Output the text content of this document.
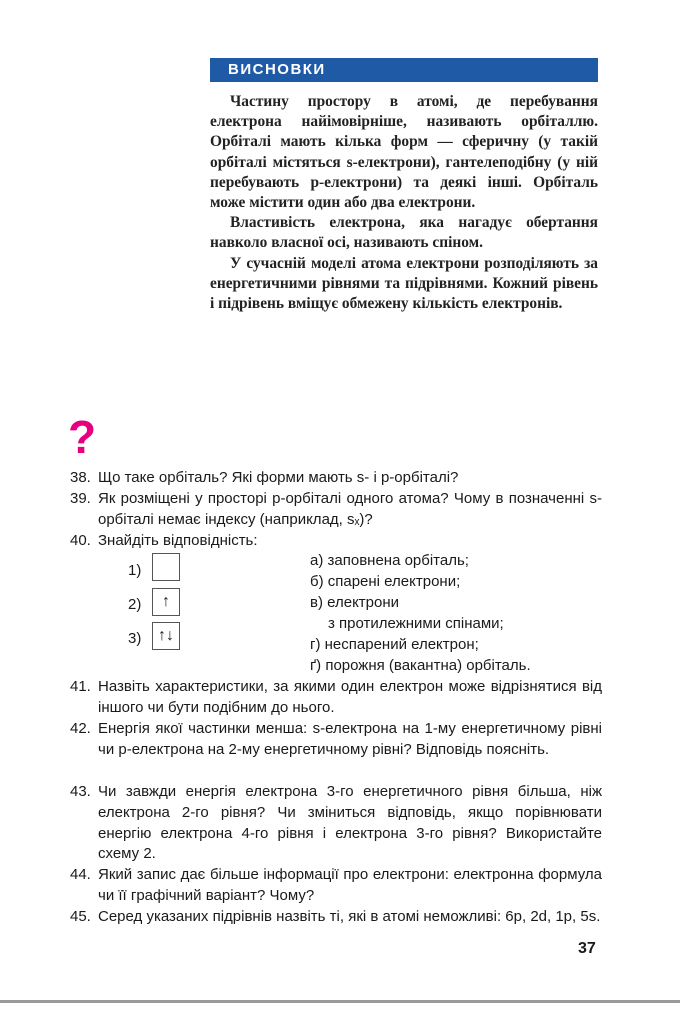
ВИСНОВКИ

Частину простору в атомі, де перебування електрона найімовірніше, називають орбіталлю. Орбіталі мають кілька форм — сферичну (у такій орбіталі містяться s-електрони), гантелеподібну (у ній перебувають p-електрони) та деякі інші. Орбіталь може містити один або два електрони.

Властивість електрона, яка нагадує обертання навколо власної осі, називають спіном.

У сучасній моделі атома електрони розподіляють за енергетичними рівнями та підрівнями. Кожний рівень і підрівень вміщує обмежену кількість електронів.

?
38. Що таке орбіталь? Які форми мають s- і p-орбіталі?
39. Як розміщені у просторі p-орбіталі одного атома? Чому в позначенні s-орбіталі немає індексу (наприклад, sₓ)?
40. Знайдіть відповідність:
1)
2)	↑
3)	↑↓
а) заповнена орбіталь;
б) спарені електрони;
в) електрони
з протилежними спінами;
г) неспарений електрон;
ґ) порожня (вакантна) орбіталь.
41. Назвіть характеристики, за якими один електрон може відрізнятися від іншого чи бути подібним до нього.
42. Енергія якої частинки менша: s-електрона на 1-му енергетичному рівні чи p-електрона на 2-му енергетичному рівні? Відповідь поясніть.
43. Чи завжди енергія електрона 3-го енергетичного рівня більша, ніж електрона 2-го рівня? Чи зміниться відповідь, якщо порівнювати енергію електрона 4-го рівня і електрона 3-го рівня? Використайте схему 2.
44. Який запис дає більше інформації про електрони: електронна формула чи її графічний варіант? Чому?
45. Серед указаних підрівнів назвіть ті, які в атомі неможливі: 6p, 2d, 1p, 5s.
37
